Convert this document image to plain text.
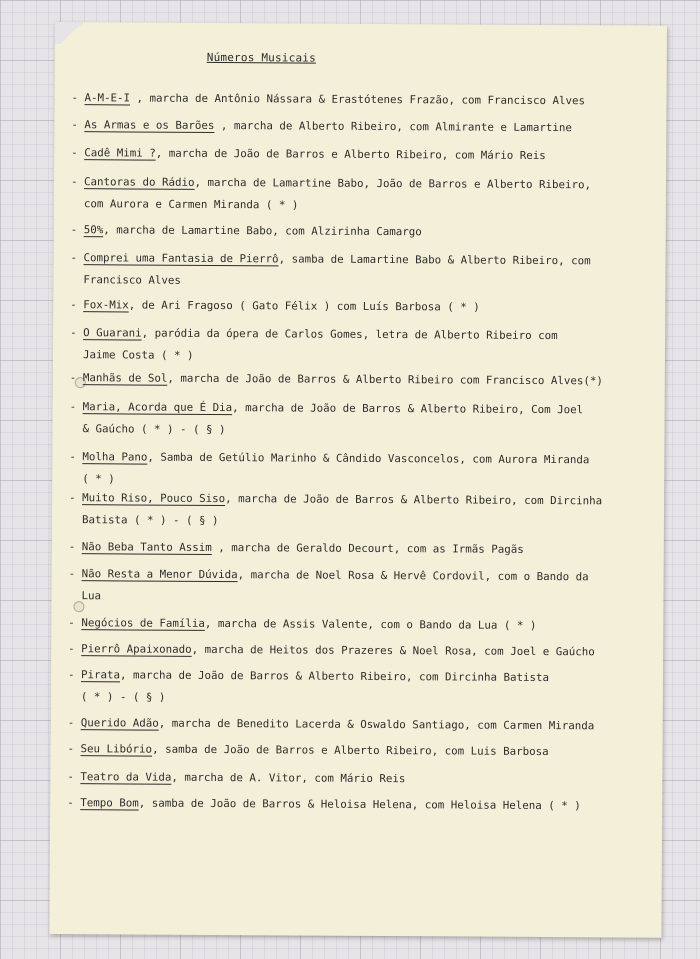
Números Musicais
- A-M-E-I , marcha de Antônio Nássara & Erastótenes Frazão, com Francisco Alves
- As Armas e os Barões , marcha de Alberto Ribeiro, com Almirante e Lamartine
- Cadê Mimi ?, marcha de João de Barros e Alberto Ribeiro, com Mário Reis
- Cantoras do Rádio, marcha de Lamartine Babo, João de Barros e Alberto Ribeiro,
com Aurora e Carmen Miranda ( * )
- 50%, marcha de Lamartine Babo, com Alzirinha Camargo
- Comprei uma Fantasia de Pierrô, samba de Lamartine Babo & Alberto Ribeiro, com
Francisco Alves
- Fox-Mix, de Ari Fragoso ( Gato Félix ) com Luís Barbosa ( * )
- O Guarani, paródia da ópera de Carlos Gomes, letra de Alberto Ribeiro com
Jaime Costa ( * )
- Manhãs de Sol, marcha de João de Barros & Alberto Ribeiro com Francisco Alves(*)
- Maria, Acorda que É Dia, marcha de João de Barros & Alberto Ribeiro, Com Joel
& Gaúcho ( * ) - ( § )
- Molha Pano, Samba de Getúlio Marinho & Cândido Vasconcelos, com Aurora Miranda
( * )
- Muito Riso, Pouco Siso, marcha de João de Barros & Alberto Ribeiro, com Dircinha
Batista ( * ) - ( § )
- Não Beba Tanto Assim , marcha de Geraldo Decourt, com as Irmãs Pagãs
- Não Resta a Menor Dúvida, marcha de Noel Rosa & Hervê Cordovil, com o Bando da
Lua
- Negócios de Família, marcha de Assis Valente, com o Bando da Lua ( * )
- Pierrô Apaixonado, marcha de Heitos dos Prazeres & Noel Rosa, com Joel e Gaúcho
- Pirata, marcha de João de Barros & Alberto Ribeiro, com Dircinha Batista
( * ) - ( § )
- Querido Adão, marcha de Benedito Lacerda & Oswaldo Santiago, com Carmen Miranda
- Seu Libório, samba de João de Barros e Alberto Ribeiro, com Luis Barbosa
- Teatro da Vida, marcha de A. Vitor, com Mário Reis
- Tempo Bom, samba de João de Barros & Heloisa Helena, com Heloisa Helena ( * )
